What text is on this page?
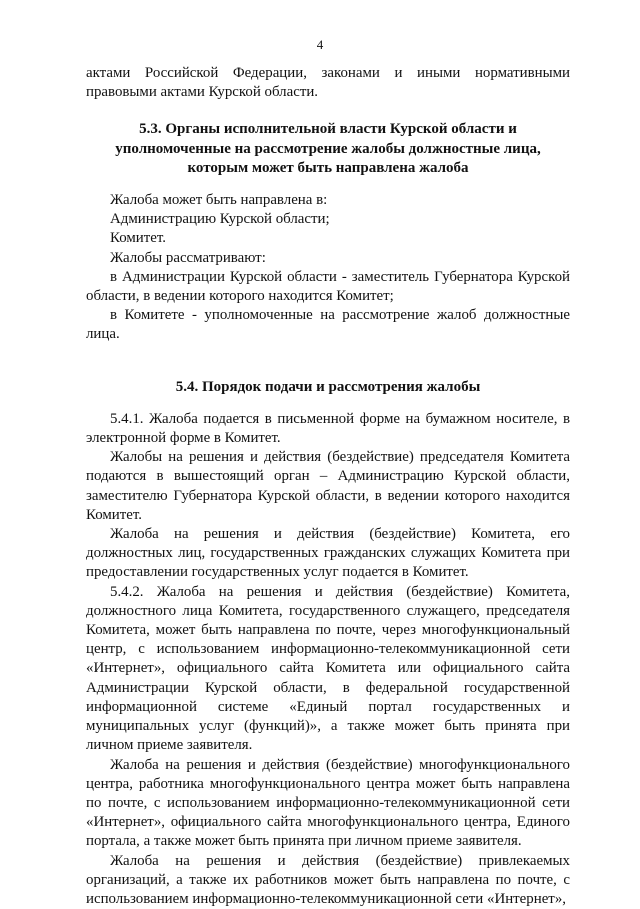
4

актами Российской Федерации, законами и иными нормативными правовыми актами Курской области.

5.3. Органы исполнительной власти Курской области и
уполномоченные на рассмотрение жалобы должностные лица,
которым может быть направлена жалоба

Жалоба может быть направлена в:

Администрацию Курской области;

Комитет.

Жалобы рассматривают:

в Администрации Курской области - заместитель Губернатора Курской области, в ведении которого находится Комитет;

в Комитете - уполномоченные на рассмотрение жалоб должностные лица.

5.4. Порядок подачи и рассмотрения жалобы

5.4.1. Жалоба подается в письменной форме на бумажном носителе, в электронной форме в Комитет.

Жалобы на решения и действия (бездействие) председателя Комитета подаются в вышестоящий орган – Администрацию Курской области, заместителю Губернатора Курской области, в ведении которого находится Комитет.

Жалоба на решения и действия (бездействие) Комитета, его должностных лиц, государственных гражданских служащих Комитета при предоставлении государственных услуг подается в Комитет.

5.4.2. Жалоба на решения и действия (бездействие) Комитета, должностного лица Комитета, государственного служащего, председателя Комитета, может быть направлена по почте, через многофункциональный центр, с использованием информационно-телекоммуникационной сети «Интернет», официального сайта Комитета или официального сайта Администрации Курской области, в федеральной государственной информационной системе «Единый портал государственных и муниципальных услуг (функций)», а также может быть принята при личном приеме заявителя.

Жалоба на решения и действия (бездействие) многофункционального центра, работника многофункционального центра может быть направлена по почте, с использованием информационно-телекоммуникационной сети «Интернет», официального сайта многофункционального центра, Единого портала, а также может быть принята при личном приеме заявителя.

Жалоба на решения и действия (бездействие) привлекаемых организаций, а также их работников может быть направлена по почте, с использованием информационно-телекоммуникационной сети «Интернет»,
